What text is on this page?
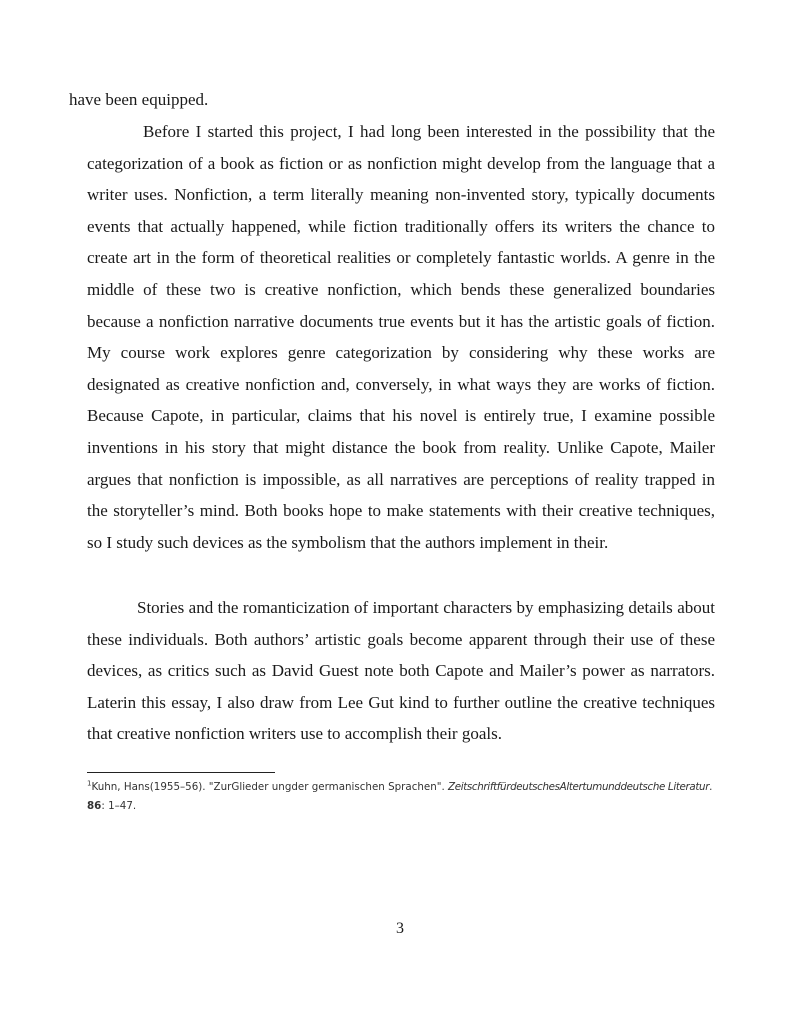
have been equipped.

Before I started this project, I had long been interested in the possibility that the categorization of a book as fiction or as nonfiction might develop from the language that a writer uses. Nonfiction, a term literally meaning non-invented story, typically documents events that actually happened, while fiction traditionally offers its writers the chance to create art in the form of theoretical realities or completely fantastic worlds. A genre in the middle of these two is creative nonfiction, which bends these generalized boundaries because a nonfiction narrative documents true events but it has the artistic goals of fiction. My course work explores genre categorization by considering why these works are designated as creative nonfiction and, conversely, in what ways they are works of fiction. Because Capote, in particular, claims that his novel is entirely true, I examine possible inventions in his story that might distance the book from reality. Unlike Capote, Mailer argues that nonfiction is impossible, as all narratives are perceptions of reality trapped in the storyteller’s mind. Both books hope to make statements with their creative techniques, so I study such devices as the symbolism that the authors implement in their.

Stories and the romanticization of important characters by emphasizing details about these individuals. Both authors’ artistic goals become apparent through their use of these devices, as critics such as David Guest note both Capote and Mailer’s power as narrators. Laterin this essay, I also draw from Lee Gut kind to further outline the creative techniques that creative nonfiction writers use to accomplish their goals.

$^1$Kuhn, Hans(1955–56). "ZurGlieder ungder germanischen Sprachen". ZeitschriftfürdeutschesAltertumunddeutsche Literatur. 86: 1–47.

3
